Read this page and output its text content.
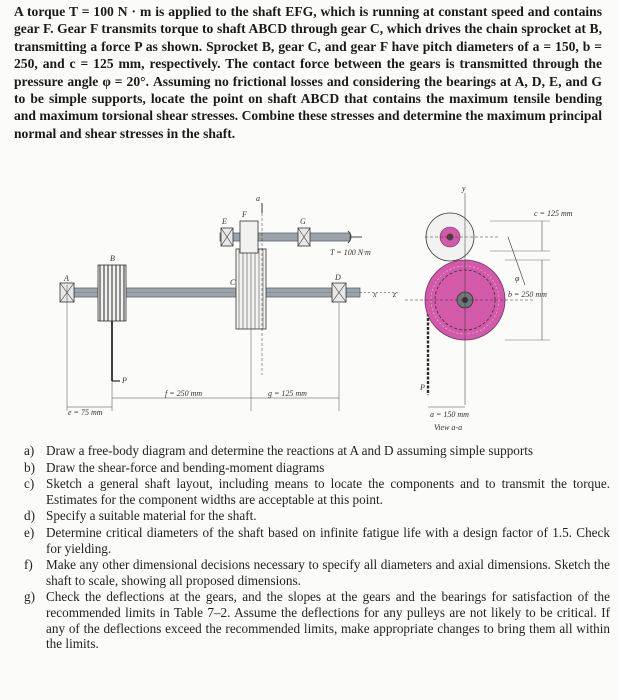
A torque T = 100 N · m is applied to the shaft EFG, which is running at constant speed and contains gear F. Gear F transmits torque to shaft ABCD through gear C, which drives the chain sprocket at B, transmitting a force P as shown. Sprocket B, gear C, and gear F have pitch diameters of a = 150, b = 250, and c = 125 mm, respectively. The contact force between the gears is transmitted through the pressure angle φ = 20°. Assuming no frictional losses and considering the bearings at A, D, E, and G to be simple supports, locate the point on shaft ABCD that contains the maximum tensile bending and maximum torsional shear stresses. Combine these stresses and determine the maximum principal normal and shear stresses in the shaft.

A
B
C
D
E
F
G
a
T = 100 N·m
x z
P
e = 75 mm
f = 250 mm	g = 125 mm
y
c = 125 mm
φ
b = 250 mm
P
a = 150 mm
View a-a
a) Draw a free-body diagram and determine the reactions at A and D assuming simple supports
b) Draw the shear-force and bending-moment diagrams
c) Sketch a general shaft layout, including means to locate the components and to transmit the torque. Estimates for the component widths are acceptable at this point.
d) Specify a suitable material for the shaft.
e) Determine critical diameters of the shaft based on infinite fatigue life with a design factor of 1.5. Check for yielding.
f)	Make any other dimensional decisions necessary to specify all diameters and axial dimensions. Sketch the shaft to scale, showing all proposed dimensions.
g) Check the deflections at the gears, and the slopes at the gears and the bearings for satisfaction of the recommended limits in Table 7–2. Assume the deflections for any pulleys are not likely to be critical. If any of the deflections exceed the recommended limits, make appropriate changes to bring them all within the limits.
